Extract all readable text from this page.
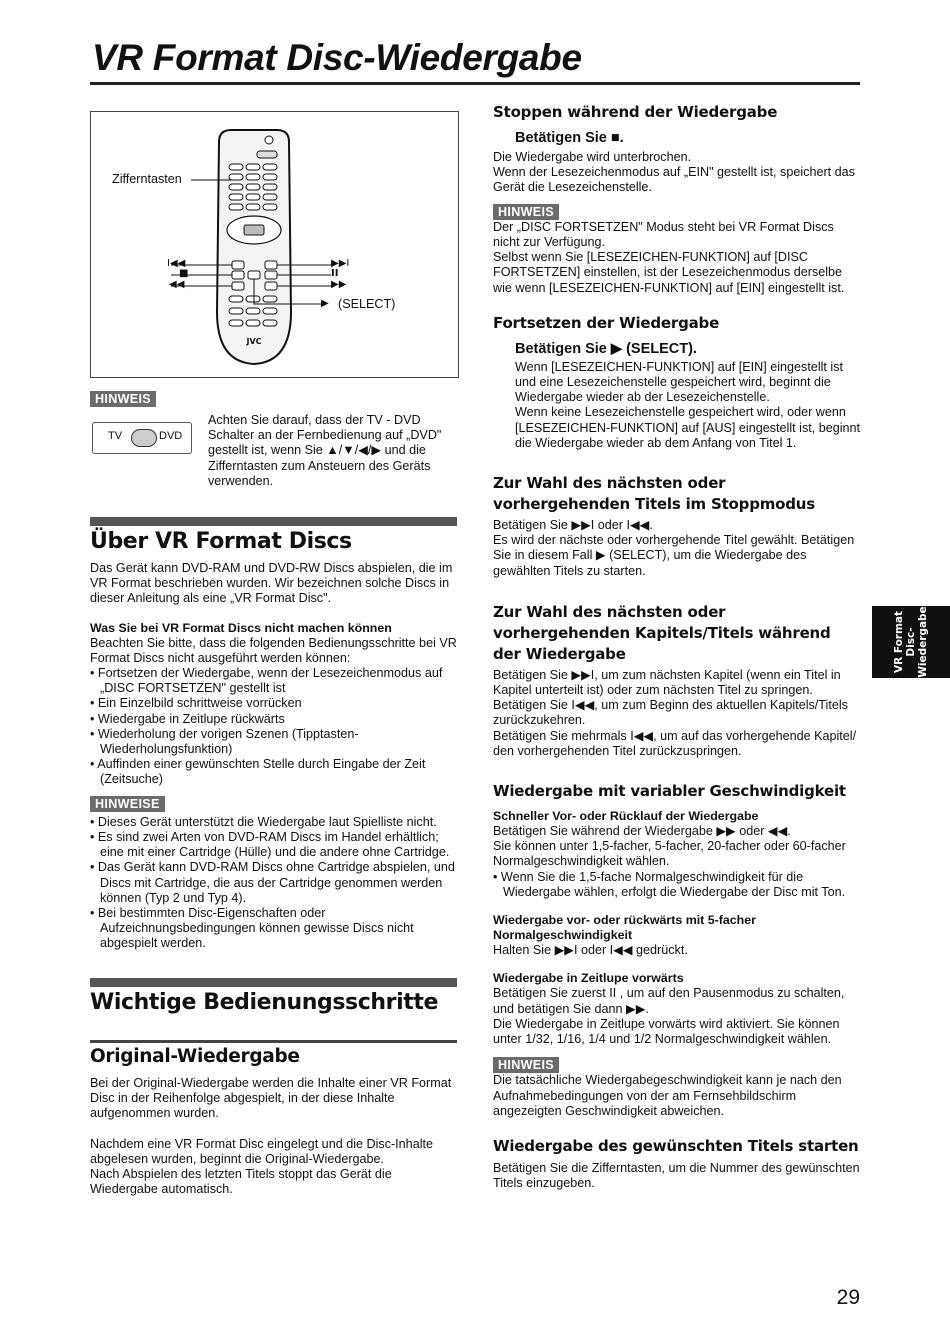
VR Format Disc-Wiedergabe
JVC
Zifferntasten
I◀◀
■
◀◀
▶▶I
II
▶▶
▶ (SELECT)
HINWEIS
TV	DVD

Achten Sie darauf, dass der TV - DVD Schalter an der Fernbedienung auf „DVD" gestellt ist, wenn Sie ▲/▼/◀/▶ und die Zifferntasten zum Ansteuern des Geräts verwenden.

Über VR Format Discs

Das Gerät kann DVD-RAM und DVD-RW Discs abspielen, die im VR Format beschrieben wurden. Wir bezeichnen solche Discs in dieser Anleitung als eine „VR Format Disc".

Was Sie bei VR Format Discs nicht machen können

Beachten Sie bitte, dass die folgenden Bedienungsschritte bei VR Format Discs nicht ausgeführt werden können:

• Fortsetzen der Wiedergabe, wenn der Lesezeichenmodus auf „DISC FORTSETZEN" gestellt ist

• Ein Einzelbild schrittweise vorrücken

• Wiedergabe in Zeitlupe rückwärts

• Wiederholung der vorigen Szenen (Tipptasten-Wiederholungsfunktion)

• Auffinden einer gewünschten Stelle durch Eingabe der Zeit (Zeitsuche)

HINWEISE

• Dieses Gerät unterstützt die Wiedergabe laut Spielliste nicht.

• Es sind zwei Arten von DVD-RAM Discs im Handel erhältlich; eine mit einer Cartridge (Hülle) und die andere ohne Cartridge.

• Das Gerät kann DVD-RAM Discs ohne Cartridge abspielen, und Discs mit Cartridge, die aus der Cartridge genommen werden können (Typ 2 und Typ 4).

• Bei bestimmten Disc-Eigenschaften oder Aufzeichnungsbedingungen können gewisse Discs nicht abgespielt werden.

Wichtige Bedienungsschritte
Original-Wiedergabe

Bei der Original-Wiedergabe werden die Inhalte einer VR Format Disc in der Reihenfolge abgespielt, in der diese Inhalte aufgenommen wurden.

Nachdem eine VR Format Disc eingelegt und die Disc-Inhalte abgelesen wurden, beginnt die Original-Wiedergabe.

Nach Abspielen des letzten Titels stoppt das Gerät die Wiedergabe automatisch.

Stoppen während der Wiedergabe

Betätigen Sie ■.

Die Wiedergabe wird unterbrochen.

Wenn der Lesezeichenmodus auf „EIN" gestellt ist, speichert das Gerät die Lesezeichenstelle.

HINWEIS

Der „DISC FORTSETZEN" Modus steht bei VR Format Discs nicht zur Verfügung.

Selbst wenn Sie [LESEZEICHEN-FUNKTION] auf [DISC FORTSETZEN] einstellen, ist der Lesezeichenmodus derselbe wie wenn [LESEZEICHEN-FUNKTION] auf [EIN] eingestellt ist.

Fortsetzen der Wiedergabe

Betätigen Sie ▶ (SELECT).

Wenn [LESEZEICHEN-FUNKTION] auf [EIN] eingestellt ist und eine Lesezeichenstelle gespeichert wird, beginnt die Wiedergabe wieder ab der Lesezeichenstelle.

Wenn keine Lesezeichenstelle gespeichert wird, oder wenn [LESEZEICHEN-FUNKTION] auf [AUS] eingestellt ist, beginnt die Wiedergabe wieder ab dem Anfang von Titel 1.

Zur Wahl des nächsten oder vorhergehenden Titels im Stoppmodus

Betätigen Sie ▶▶I oder I◀◀.

Es wird der nächste oder vorhergehende Titel gewählt. Betätigen Sie in diesem Fall ▶ (SELECT), um die Wiedergabe des gewählten Titels zu starten.

Zur Wahl des nächsten oder vorhergehenden Kapitels/Titels während der Wiedergabe

Betätigen Sie ▶▶I, um zum nächsten Kapitel (wenn ein Titel in Kapitel unterteilt ist) oder zum nächsten Titel zu springen.

Betätigen Sie I◀◀, um zum Beginn des aktuellen Kapitels/Titels zurückzukehren.

Betätigen Sie mehrmals I◀◀, um auf das vorhergehende Kapitel/ den vorhergehenden Titel zurückzuspringen.

Wiedergabe mit variabler Geschwindigkeit

Schneller Vor- oder Rücklauf der Wiedergabe

Betätigen Sie während der Wiedergabe ▶▶ oder ◀◀.

Sie können unter 1,5-facher, 5-facher, 20-facher oder 60-facher Normalgeschwindigkeit wählen.

• Wenn Sie die 1,5-fache Normalgeschwindigkeit für die Wiedergabe wählen, erfolgt die Wiedergabe der Disc mit Ton.

Wiedergabe vor- oder rückwärts mit 5-facher Normalgeschwindigkeit

Halten Sie ▶▶I oder I◀◀ gedrückt.

Wiedergabe in Zeitlupe vorwärts

Betätigen Sie zuerst II , um auf den Pausenmodus zu schalten, und betätigen Sie dann ▶▶.

Die Wiedergabe in Zeitlupe vorwärts wird aktiviert. Sie können unter 1/32, 1/16, 1/4 und 1/2 Normalgeschwindigkeit wählen.

HINWEIS

Die tatsächliche Wiedergabegeschwindigkeit kann je nach den Aufnahmebedingungen von der am Fernsehbildschirm angezeigten Geschwindigkeit abweichen.

Wiedergabe des gewünschten Titels starten

Betätigen Sie die Zifferntasten, um die Nummer des gewünschten Titels einzugeben.

VR Format
Disc-
Wiedergabe
29
